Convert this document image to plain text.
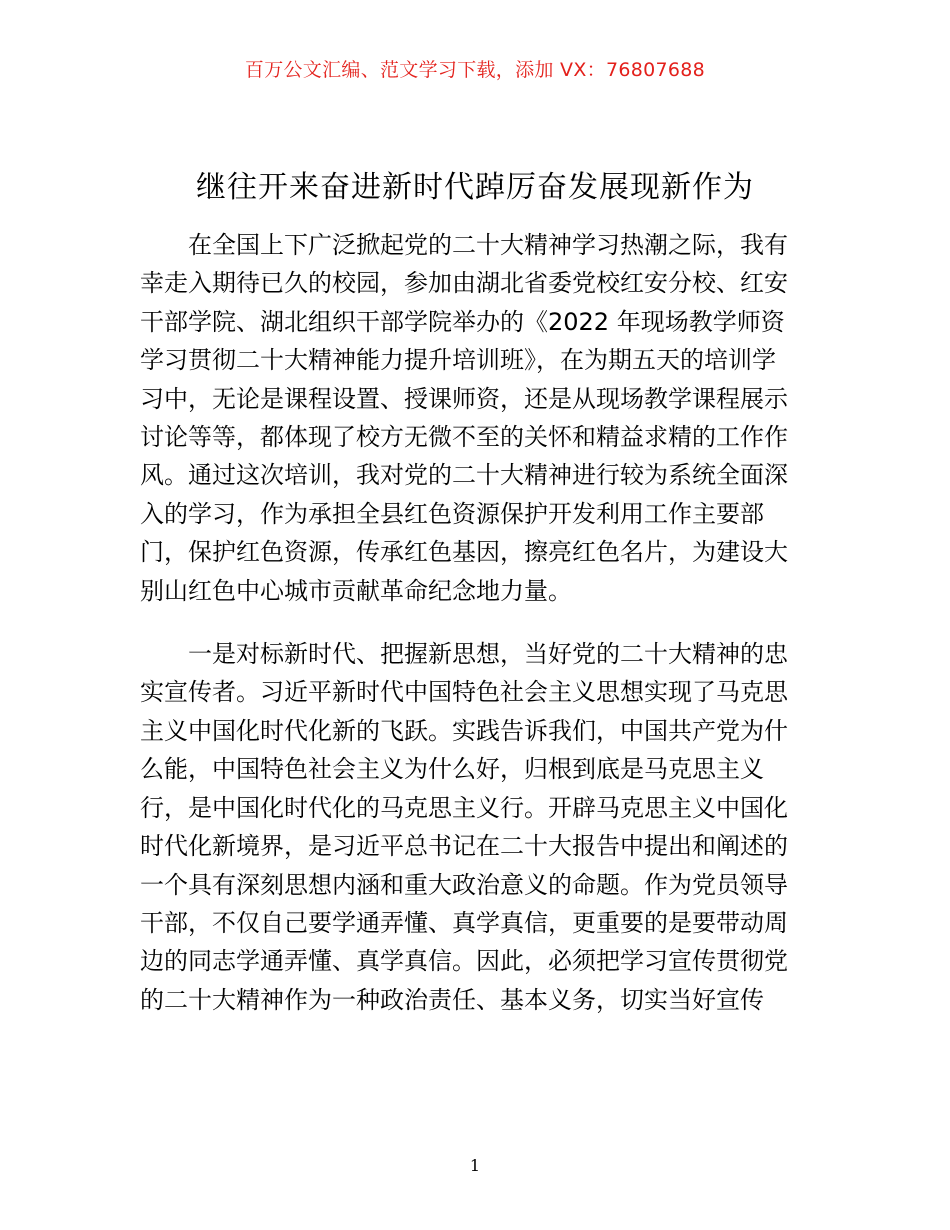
百万公文汇编、范文学习下载，添加 VX：76807688
继往开来奋进新时代踔厉奋发展现新作为

在全国上下广泛掀起党的二十大精神学习热潮之际，我有
幸走入期待已久的校园，参加由湖北省委党校红安分校、红安
干部学院、湖北组织干部学院举办的《2022 年现场教学师资
学习贯彻二十大精神能力提升培训班》，在为期五天的培训学
习中，无论是课程设置、授课师资，还是从现场教学课程展示
讨论等等，都体现了校方无微不至的关怀和精益求精的工作作
风。通过这次培训，我对党的二十大精神进行较为系统全面深
入的学习，作为承担全县红色资源保护开发利用工作主要部
门，保护红色资源，传承红色基因，擦亮红色名片，为建设大
别山红色中心城市贡献革命纪念地力量。

一是对标新时代、把握新思想，当好党的二十大精神的忠
实宣传者。习近平新时代中国特色社会主义思想实现了马克思
主义中国化时代化新的飞跃。实践告诉我们，中国共产党为什
么能，中国特色社会主义为什么好，归根到底是马克思主义
行，是中国化时代化的马克思主义行。开辟马克思主义中国化
时代化新境界，是习近平总书记在二十大报告中提出和阐述的
一个具有深刻思想内涵和重大政治意义的命题。作为党员领导
干部，不仅自己要学通弄懂、真学真信，更重要的是要带动周
边的同志学通弄懂、真学真信。因此，必须把学习宣传贯彻党
的二十大精神作为一种政治责任、基本义务，切实当好宣传

1
